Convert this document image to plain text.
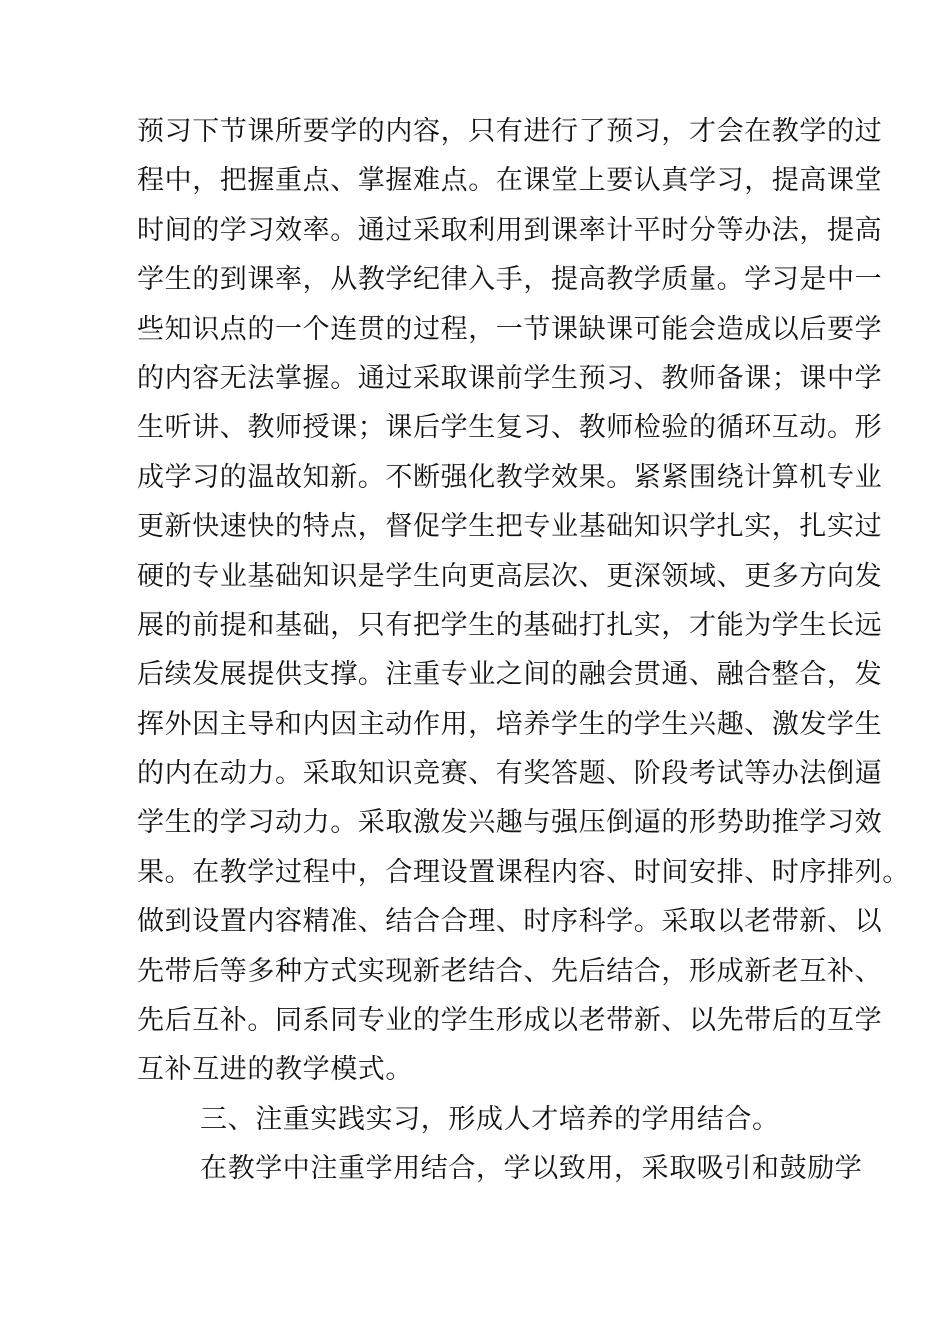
预习下节课所要学的内容，只有进行了预习，才会在教学的过
程中，把握重点、掌握难点。在课堂上要认真学习，提高课堂
时间的学习效率。通过采取利用到课率计平时分等办法，提高
学生的到课率，从教学纪律入手，提高教学质量。学习是中一
些知识点的一个连贯的过程，一节课缺课可能会造成以后要学
的内容无法掌握。通过采取课前学生预习、教师备课；课中学
生听讲、教师授课；课后学生复习、教师检验的循环互动。形
成学习的温故知新。不断强化教学效果。紧紧围绕计算机专业
更新快速快的特点，督促学生把专业基础知识学扎实，扎实过
硬的专业基础知识是学生向更高层次、更深领域、更多方向发
展的前提和基础，只有把学生的基础打扎实，才能为学生长远
后续发展提供支撑。注重专业之间的融会贯通、融合整合，发
挥外因主导和内因主动作用，培养学生的学生兴趣、激发学生
的内在动力。采取知识竞赛、有奖答题、阶段考试等办法倒逼
学生的学习动力。采取激发兴趣与强压倒逼的形势助推学习效
果。在教学过程中，合理设置课程内容、时间安排、时序排列。
做到设置内容精准、结合合理、时序科学。采取以老带新、以
先带后等多种方式实现新老结合、先后结合，形成新老互补、
先后互补。同系同专业的学生形成以老带新、以先带后的互学
互补互进的教学模式。
三、注重实践实习，形成人才培养的学用结合。
在教学中注重学用结合，学以致用，采取吸引和鼓励学
